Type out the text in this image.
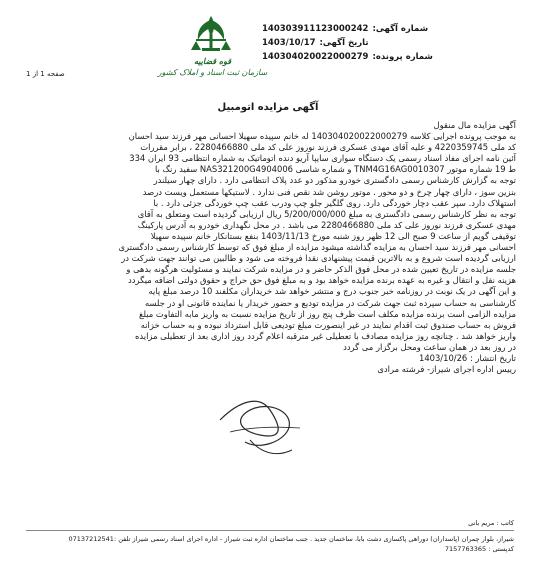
قوه قضاییه
سازمان ثبت اسناد و املاک کشور
شماره آگهی:
140303911123000242
تاریخ آگهی:
1403/10/17
شماره پرونده:
140304020022000279
صفحه 1 از 1
آگهی مزایده اتومبیل

آگهی مزایده مال منقول

به موجب پرونده اجرایی کلاسه 140304020022000279 له خانم سپیده سهیلا احسانی مهر فرزند سید احسان

کد ملی 4220359745 و علیه آقای مهدی عسکری فرزند نوروز علی کد ملی 2280466880 ، برابر مقررات

آئین نامه اجرای مفاد اسناد رسمی یک دستگاه سواری سایپا آریو دنده اتوماتیک به شماره انتظامی 93 ایران 334

ط 19 شماره موتور TNM4G16AG0010307 و شماره شاسی NAS321200G4904006 سفید رنگ با

توجه به گزارش کارشناس رسمی دادگستری خودرو مذکور دو عدد پلاک انتظامی دارد . دارای چهار سیلندر

بنزین سوز ، دارای چهار چرخ و دو محور . موتور روشن شد نقص فنی ندارد . لاستیکها مستعمل ویست درصد

استهلاک دارد. سپر عقب دچار خوردگی دارد. روی گلگیر جلو چپ ودرب عقب چپ خوردگی جزئی دارد . با

توجه به نظر کارشناس رسمی دادگستری به مبلغ 5/200/000/000 ریال ارزیابی گردیده است ومتعلق به آقای

مهدی عسکری فرزند نوروز علی کد ملی 2280466880 می باشد . در محل نگهداری خودرو به آدرس پارکینگ

توقیفی گویم از ساعت 9 صبح الی 12 ظهر روز شنبه مورخ 1403/11/13 بنفع بستانکار خانم سپیده سهیلا

احسانی مهر فرزند سید احسان به مزایده گذاشته میشود مزایده از مبلغ فوق که توسط کارشناس رسمی دادگستری

ارزیابی گردیده است شروع و به بالاترین قیمت پیشنهادی نقدا فروخته می شود و طالبین می توانند جهت شرکت در

جلسه مزایده در تاریخ تعیین شده در محل فوق الذکر حاضر و در مزایده شرکت نمایند و مسئولیت هرگونه بدهی و

هزینه نقل و انتقال و غیره به عهده برنده مزایده خواهد بود و به مبلغ فوق حق حراج و حقوق دولتی اضافه میگردد

و این آگهی در یک نوبت در روزنامه خبر جنوب درج و منتشر خواهد شد خریداران مکلفند 10 درصد مبلغ پایه

کارشناسی به حساب سپرده ثبت جهت شرکت در مزایده تودیع و حضور خریدار یا نماینده قانونی او در جلسه

مزایده الزامی است برنده مزایده مکلف است ظرف پنج روز از تاریخ مزایده نسبت به واریز مابه التفاوت مبلغ

فروش به حساب صندوق ثبت اقدام نمایند در غیر اینصورت مبلغ تودیعی قابل استرداد نبوده و به حساب خزانه

واریز خواهد شد . چنانچه روز مزایده مصادف با تعطیلی غیر مترقبه اعلام گردد روز اداری بعد از تعطیلی مزایده

در روز بعد در همان ساعت ومحل برگزار می گردد

تاریخ انتشار : 1403/10/26

رییس اداره اجرای شیراز- فرشته مرادی

کاتب : مریم بانی
شیراز، بلوار چمران (پاسداران) دوراهی پاکسازی دشت بابا، ساختمان جدید . جنب ساختمان اداره ثبت شیراز - اداره اجرای اسناد رسمی شیراز تلفن :07137212541
کدپستی : 7157763365
